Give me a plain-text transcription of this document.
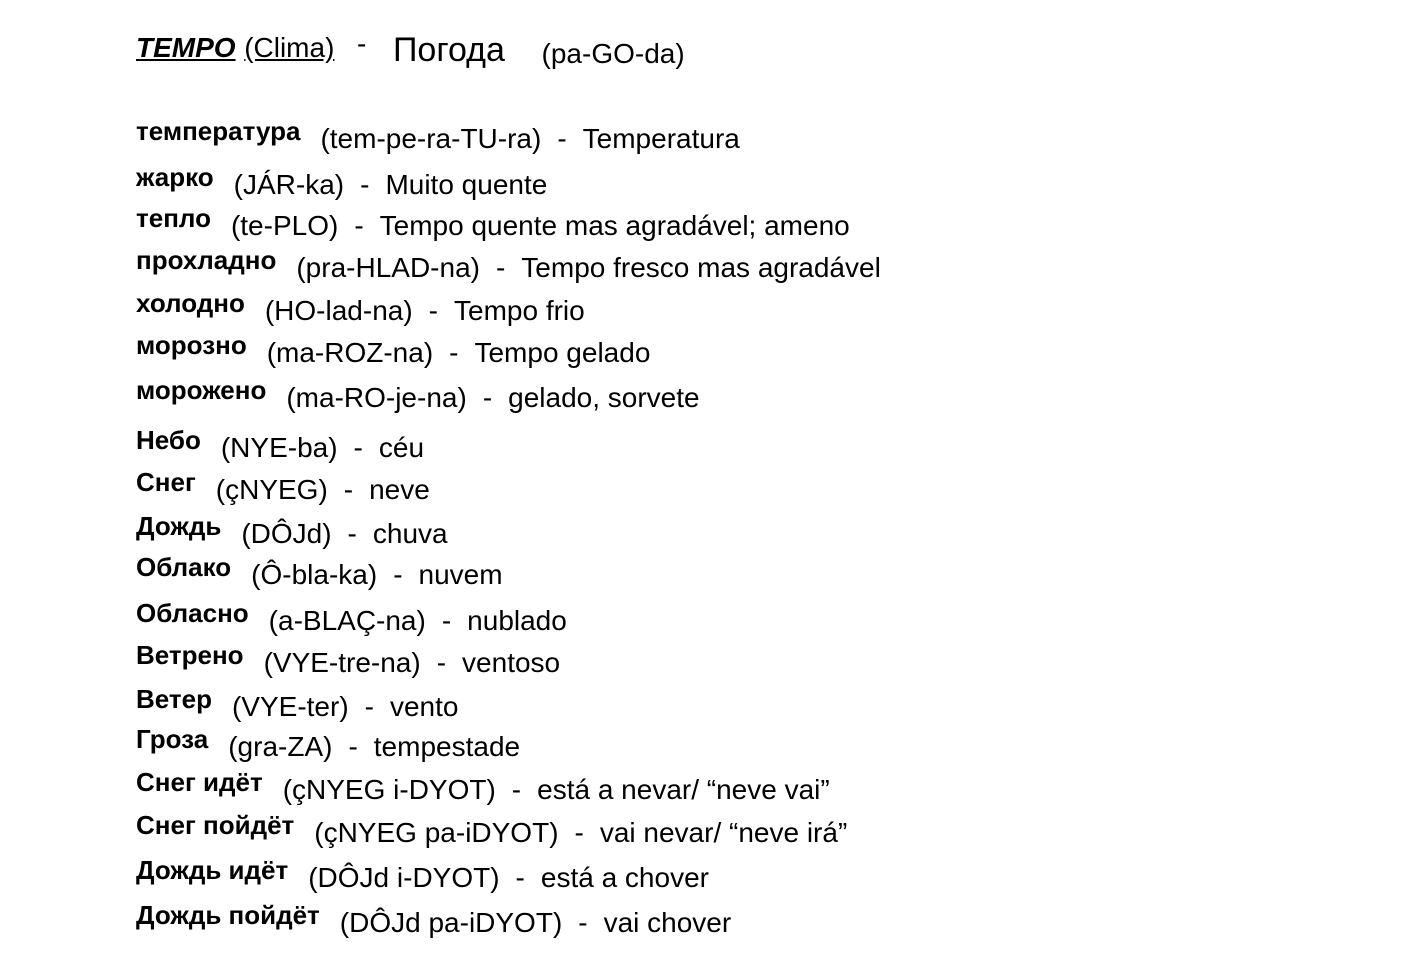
TEMPO (Clima) - Погода (pa-GO-da)
температура (tem-pe-ra-TU-ra) - Temperatura
жарко (JÁR-ka) - Muito quente
тепло (te-PLO) - Tempo quente mas agradável; ameno
прохладно (pra-HLAD-na) - Tempo fresco mas agradável
холодно (HO-lad-na) - Tempo frio
морозно (ma-ROZ-na) - Tempo gelado
морожено (ma-RO-je-na) - gelado, sorvete
Небо (NYE-ba) - céu
Снег (çNYEG) - neve
Дождь (DÔJd) - chuva
Облако (Ô-bla-ka) - nuvem
Обласно (a-BLAÇ-na) - nublado
Ветрено (VYE-tre-na) - ventoso
Ветер (VYE-ter) - vento
Гроза (gra-ZA) - tempestade
Снег идёт (çNYEG i-DYOT) - está a nevar/ “neve vai”
Снег пойдёт (çNYEG pa-iDYOT) - vai nevar/ “neve irá”
Дождь идёт (DÔJd i-DYOT) - está a chover
Дождь пойдёт (DÔJd pa-iDYOT) - vai chover
